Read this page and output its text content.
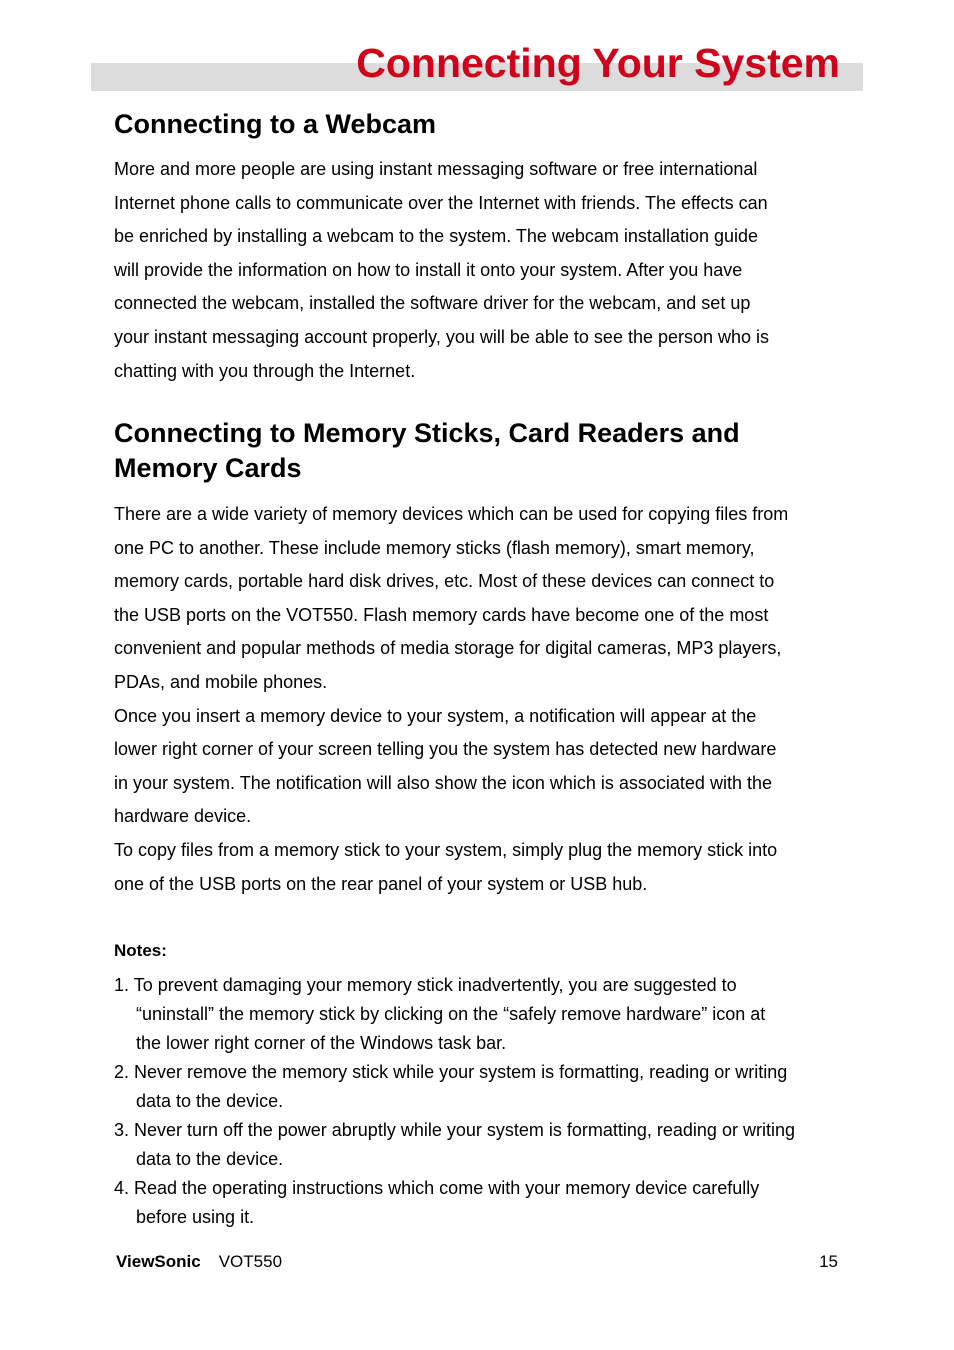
Connecting Your System
Connecting to a Webcam
More and more people are using instant messaging software or free international
Internet phone calls to communicate over the Internet with friends. The effects can
be enriched by installing a webcam to the system. The webcam installation guide
will provide the information on how to install it onto your system. After you have
connected the webcam, installed the software driver for the webcam, and set up
your instant messaging account properly, you will be able to see the person who is
chatting with you through the Internet.
Connecting to Memory Sticks, Card Readers and
Memory Cards
There are a wide variety of memory devices which can be used for copying files from
one PC to another. These include memory sticks (flash memory), smart memory,
memory cards, portable hard disk drives, etc. Most of these devices can connect to
the USB ports on the VOT550. Flash memory cards have become one of the most
convenient and popular methods of media storage for digital cameras, MP3 players,
PDAs, and mobile phones.
Once you insert a memory device to your system, a notification will appear at the
lower right corner of your screen telling you the system has detected new hardware
in your system. The notification will also show the icon which is associated with the
hardware device.
To copy files from a memory stick to your system, simply plug the memory stick into
one of the USB ports on the rear panel of your system or USB hub.
Notes:
1. To prevent damaging your memory stick inadvertently, you are suggested to
“uninstall” the memory stick by clicking on the “safely remove hardware” icon at
the lower right corner of the Windows task bar.
2. Never remove the memory stick while your system is formatting, reading or writing
data to the device.
3. Never turn off the power abruptly while your system is formatting, reading or writing
data to the device.
4. Read the operating instructions which come with your memory device carefully
before using it.
ViewSonic VOT550	15
